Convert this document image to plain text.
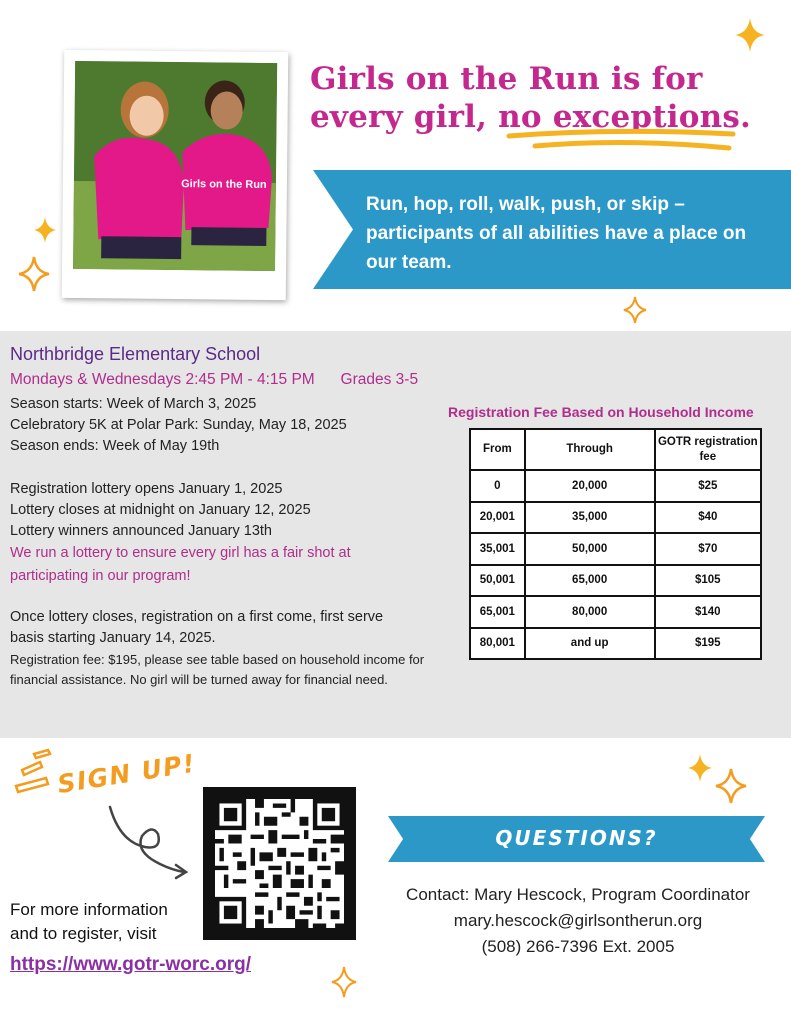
Girls on the Run
Girls on the Run is for
every girl, no exceptions.
Run, hop, roll, walk, push, or skip – participants of all abilities have a place on our team.
Northbridge Elementary School
Mondays & Wednesdays 2:45 PM - 4:15 PM Grades 3-5
Season starts: Week of March 3, 2025
Celebratory 5K at Polar Park: Sunday, May 18, 2025
Season ends: Week of May 19th
Registration lottery opens January 1, 2025
Lottery closes at midnight on January 12, 2025
Lottery winners announced January 13th
We run a lottery to ensure every girl has a fair shot at participating in our program!
Once lottery closes, registration on a first come, first serve basis starting January 14, 2025.
Registration fee: $195, please see table based on household income for financial assistance. No girl will be turned away for financial need.
Registration Fee Based on Household Income
From	Through	GOTR registration fee
0	20,000	$25
20,001	35,000	$40
35,001	50,000	$70
50,001	65,000	$105
65,001	80,000	$140
80,001	and up	$195
SIGN UP!
For more information
and to register, visit
https://www.gotr-worc.org/
QUESTIONS?
Contact: Mary Hescock, Program Coordinator
mary.hescock@girlsontherun.org
(508) 266-7396 Ext. 2005
